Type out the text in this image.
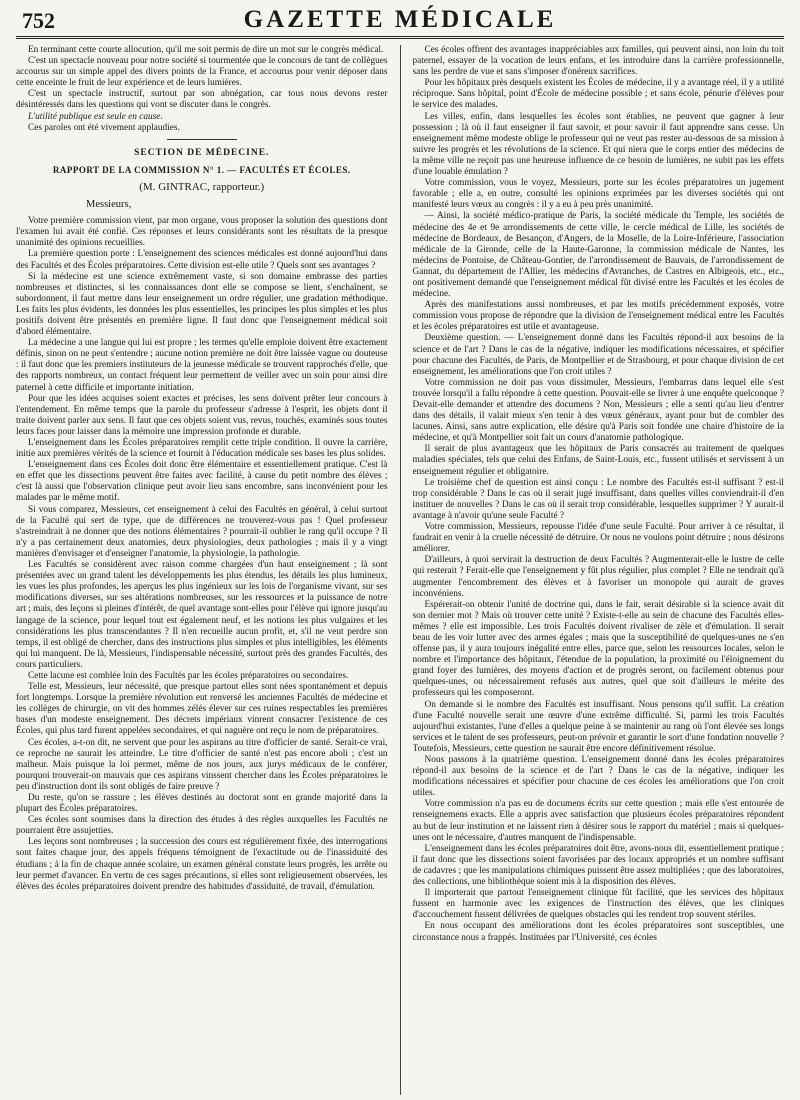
752	GAZETTE MÉDICALE

En terminant cette courte allocution, qu'il me soit permis de dire un mot sur le congrès médical.

C'est un spectacle nouveau pour notre société si tourmentée que le concours de tant de collègues accourus sur un simple appel des divers points de la France, et accourus pour venir déposer dans cette enceinte le fruit de leur expérience et de leurs lumières.

C'est un spectacle instructif, surtout par son abnégation, car tous nous devons rester désintéressés dans les questions qui vont se discuter dans le congrès.

L'utilité publique est seule en cause.

Ces paroles ont été vivement applaudies.

SECTION DE MÉDECINE.
RAPPORT DE LA COMMISSION N° 1. — FACULTÉS ET ÉCOLES.
(M. GINTRAC, rapporteur.)

Messieurs,

Votre première commission vient, par mon organe, vous proposer la solution des questions dont l'examen lui avait été confié. Ces réponses et leurs considérants sont les résultats de la presque unanimité des opinions recueillies.

La première question porte : L'enseignement des sciences médicales est donné aujourd'hui dans des Facultés et des Écoles préparatoires. Cette division est-elle utile ? Quels sont ses avantages ?

Si la médecine est une science extrêmement vaste, si son domaine embrasse des parties nombreuses et distinctes, si les connaissances dont elle se compose se lient, s'enchaînent, se subordonnent, il faut mettre dans leur enseignement un ordre régulier, une gradation méthodique. Les faits les plus évidents, les données les plus essentielles, les principes les plus simples et les plus positifs doivent être présentés en première ligne. Il faut donc que l'enseignement médical soit d'abord élémentaire.

La médecine a une langue qui lui est propre ; les termes qu'elle emploie doivent être exactement définis, sinon on ne peut s'entendre ; aucune notion première ne doit être laissée vague ou douteuse : il faut donc que les premiers instituteurs de la jeunesse médicale se trouvent rapprochés d'elle, que des rapports nombreux, un contact fréquent leur permettent de veiller avec un soin pour ainsi dire paternel à cette difficile et importante initiation.

Pour que les idées acquises soient exactes et précises, les sens doivent prêter leur concours à l'entendement. En même temps que la parole du professeur s'adresse à l'esprit, les objets dont il traite doivent parler aux sens. Il faut que ces objets soient vus, revus, touchés, examinés sous toutes leurs faces pour laisser dans la mémoire une impression profonde et durable.

L'enseignement dans les Écoles préparatoires remplit cette triple condition. Il ouvre la carrière, initie aux premières vérités de la science et fournit à l'éducation médicale ses bases les plus solides.

L'enseignement dans ces Écoles doit donc être élémentaire et essentiellement pratique. C'est là en effet que les dissections peuvent être faites avec facilité, à cause du petit nombre des élèves ; c'est là aussi que l'observation clinique peut avoir lieu sans encombre, sans inconvénient pour les malades par le même motif.

Si vous comparez, Messieurs, cet enseignement à celui des Facultés en général, à celui surtout de la Faculté qui sert de type, que de différences ne trouverez-vous pas ! Quel professeur s'astreindrait à ne donner que des notions élémentaires ? pourrait-il oublier le rang qu'il occupe ? Il n'y a pas certainement deux anatomies, deux physiologies, deux pathologies ; mais il y a vingt manières d'envisager et d'enseigner l'anatomie, la physiologie, la pathologie.

Les Facultés se considèrent avec raison comme chargées d'un haut enseignement ; là sont présentées avec un grand talent les développements les plus étendus, les détails les plus lumineux, les vues les plus profondes, les aperçus les plus ingénieux sur les lois de l'organisme vivant, sur ses modifications diverses, sur ses altérations nombreuses, sur les ressources et la puissance de notre art ; mais, des leçons si pleines d'intérêt, de quel avantage sont-elles pour l'élève qui ignore jusqu'au langage de la science, pour lequel tout est également neuf, et les notions les plus vulgaires et les considérations les plus transcendantes ? Il n'en recueille aucun profit, et, s'il ne veut perdre son temps, il est obligé de chercher, dans des instructions plus simples et plus intelligibles, les éléments qui lui manquent. De là, Messieurs, l'indispensable nécessité, surtout près des grandes Facultés, des cours particuliers.

Cette lacune est comblée loin des Facultés par les écoles préparatoires ou secondaires.

Telle est, Messieurs, leur nécessité, que presque partout elles sont nées spontanément et depuis fort longtemps. Lorsque la première révolution eut renversé les anciennes Facultés de médecine et les collèges de chirurgie, on vit des hommes zélés élever sur ces ruines respectables les premières bases d'un modeste enseignement. Des décrets impériaux vinrent consacrer l'existence de ces Écoles, qui plus tard furent appelées secondaires, et qui naguère ont reçu le nom de préparatoires.

Ces écoles, a-t-on dit, ne servent que pour les aspirans au titre d'officier de santé. Serait-ce vrai, ce reproche ne saurait les atteindre. Le titre d'officier de santé n'est pas encore aboli ; c'est un malheur. Mais puisque la loi permet, même de nos jours, aux jurys médicaux de le conférer, pourquoi trouverait-on mauvais que ces aspirans vinssent chercher dans les Écoles préparatoires le peu d'instruction dont ils sont obligés de faire preuve ?

Du reste, qu'on se rassure ; les élèves destinés au doctorat sont en grande majorité dans la plupart des Écoles préparatoires.

Ces écoles sont soumises dans la direction des études à des règles auxquelles les Facultés ne pourraient être assujetties.

Les leçons sont nombreuses ; la succession des cours est régulièrement fixée, des interrogations sont faites chaque jour, des appels fréquens témoignent de l'exactitude ou de l'inassiduité des étudians ; à la fin de chaque année scolaire, un examen général constate leurs progrès, les arrête ou leur permet d'avancer. En vertu de ces sages précautions, si elles sont religieusement observées, les élèves des écoles préparatoires doivent prendre des habitudes d'assiduité, de travail, d'émulation.

Ces écoles offrent des avantages inappréciables aux familles, qui peuvent ainsi, non loin du toit paternel, essayer de la vocation de leurs enfans, et les introduire dans la carrière professionnelle, sans les perdre de vue et sans s'imposer d'onéreux sacrifices.

Pour les hôpitaux près desquels existent les Écoles de médecine, il y a avantage réel, il y a utilité réciproque. Sans hôpital, point d'École de médecine possible ; et sans école, pénurie d'élèves pour le service des malades.

Les villes, enfin, dans lesquelles les écoles sont établies, ne peuvent que gagner à leur possession ; là où il faut enseigner il faut savoir, et pour savoir il faut apprendre sans cesse. Un enseignement même modeste oblige le professeur qui ne veut pas rester au-dessous de sa mission à suivre les progrès et les révolutions de la science. Et qui niera que le corps entier des médecins de la même ville ne reçoit pas une heureuse influence de ce besoin de lumières, ne subit pas les effets d'une louable émulation ?

Votre commission, vous le voyez, Messieurs, porte sur les écoles préparatoires un jugement favorable ; elle a, en outre, consulté les opinions exprimées par les diverses sociétés qui ont manifesté leurs vœux au congrès : il y a eu à peu près unanimité.

— Ainsi, la société médico-pratique de Paris, la société médicale du Temple, les sociétés de médecine des 4e et 9e arrondissements de cette ville, le cercle médical de Lille, les sociétés de médecine de Bordeaux, de Besançon, d'Angers, de la Moselle, de la Loire-Inférieure, l'association médicale de la Gironde, celle de la Haute-Garonne, la commission médicale de Nantes, les médecins de Pontoise, de Château-Gontier, de l'arrondissement de Bauvais, de l'arrondissement de Gannat, du département de l'Allier, les médecins d'Avranches, de Castres en Albigeois, etc., etc., ont positivement demandé que l'enseignement médical fût divisé entre les Facultés et les écoles de médecine.

Après des manifestations aussi nombreuses, et par les motifs précédemment exposés, votre commission vous propose de répondre que la division de l'enseignement médical entre les Facultés et les écoles préparatoires est utile et avantageuse.

Deuxième question. — L'enseignement donné dans les Facultés répond-il aux besoins de la science et de l'art ? Dans le cas de la négative, indiquer les modifications nécessaires, et spécifier pour chacune des Facultés, de Paris, de Montpellier et de Strasbourg, et pour chaque division de cet enseignement, les améliorations que l'on croit utiles ?

Votre commission ne doit pas vous dissimuler, Messieurs, l'embarras dans lequel elle s'est trouvée lorsqu'il a fallu répondre à cette question. Pouvait-elle se livrer à une enquête quelconque ? Devait-elle demander et attendre des documens ? Non, Messieurs ; elle a senti qu'au lieu d'entrer dans des détails, il valait mieux s'en tenir à des vœux généraux, ayant pour but de combler des lacunes. Ainsi, sans autre explication, elle désire qu'à Paris soit fondée une chaire d'histoire de la médecine, et qu'à Montpellier soit fait un cours d'anatomie pathologique.

Il serait de plus avantageux que les hôpitaux de Paris consacrés au traitement de quelques maladies spéciales, tels que celui des Enfans, de Saint-Louis, etc., fussent utilisés et servissent à un enseignement régulier et obligatoire.

Le troisième chef de question est ainsi conçu : Le nombre des Facultés est-il suffisant ? est-il trop considérable ? Dans le cas où il serait jugé insuffisant, dans quelles villes conviendrait-il d'en instituer de nouvelles ? Dans le cas où il serait trop considérable, lesquelles supprimer ? Y aurait-il avantage à n'avoir qu'une seule Faculté ?

Votre commission, Messieurs, repousse l'idée d'une seule Faculté. Pour arriver à ce résultat, il faudrait en venir à la cruelle nécessité de détruire. Or nous ne voulons point détruire ; nous désirons améliorer.

D'ailleurs, à quoi servirait la destruction de deux Facultés ? Augmenterait-elle le lustre de celle qui resterait ? Ferait-elle que l'enseignement y fût plus régulier, plus complet ? Elle ne tendrait qu'à augmenter l'encombrement des élèves et à favoriser un monopole qui aurait de graves inconvéniens.

Espérerait-on obtenir l'unité de doctrine qui, dans le fait, serait désirable si la science avait dit son dernier mot ? Mais où trouver cette unité ? Existe-t-elle au sein de chacune des Facultés elles-mêmes ? elle est impossible. Les trois Facultés doivent rivaliser de zèle et d'émulation. Il serait beau de les voir lutter avec des armes égales ; mais que la susceptibilité de quelques-unes ne s'en offense pas, il y aura toujours inégalité entre elles, parce que, selon les ressources locales, selon le nombre et l'importance des hôpitaux, l'étendue de la population, la proximité ou l'éloignement du grand foyer des lumières, des moyens d'action et de progrès seront, ou facilement obtenus pour quelques-unes, ou nécessairement refusés aux autres, quel que soit d'ailleurs le mérite des professeurs qui les composeront.

On demande si le nombre des Facultés est insuffisant. Nous pensons qu'il suffit. La création d'une Faculté nouvelle serait une œuvre d'une extrême difficulté. Si, parmi les trois Facultés aujourd'hui existantes, l'une d'elles a quelque peine à se maintenir au rang où l'ont élevée ses longs services et le talent de ses professeurs, peut-on prévoir et garantir le sort d'une fondation nouvelle ? Toutefois, Messieurs, cette question ne saurait être encore définitivement résolue.

Nous passons à la quatrième question. L'enseignement donné dans les écoles préparatoires répond-il aux besoins de la science et de l'art ? Dans le cas de la négative, indiquer les modifications nécessaires et spécifier pour chacune de ces écoles les améliorations que l'on croit utiles.

Votre commission n'a pas eu de documens écrits sur cette question ; mais elle s'est entourée de renseignemens exacts. Elle a appris avec satisfaction que plusieurs écoles préparatoires répondent au but de leur institution et ne laissent rien à désirer sous le rapport du matériel ; mais si quelques-unes ont le nécessaire, d'autres manquent de l'indispensable.

L'enseignement dans les écoles préparatoires doit être, avons-nous dit, essentiellement pratique ; il faut donc que les dissections soient favorisées par des locaux appropriés et un nombre suffisant de cadavres ; que les manipulations chimiques puissent être assez multipliées ; que des laboratoires, des collections, une bibliothèque soient mis à la disposition des élèves.

Il importerait que partout l'enseignement clinique fût facilité, que les services des hôpitaux fussent en harmonie avec les exigences de l'instruction des élèves, que les cliniques d'accouchement fussent délivrées de quelques obstacles qui les rendent trop souvent stériles.

En nous occupant des améliorations dont les écoles préparatoires sont susceptibles, une circonstance nous a frappés. Instituées par l'Université, ces écoles
